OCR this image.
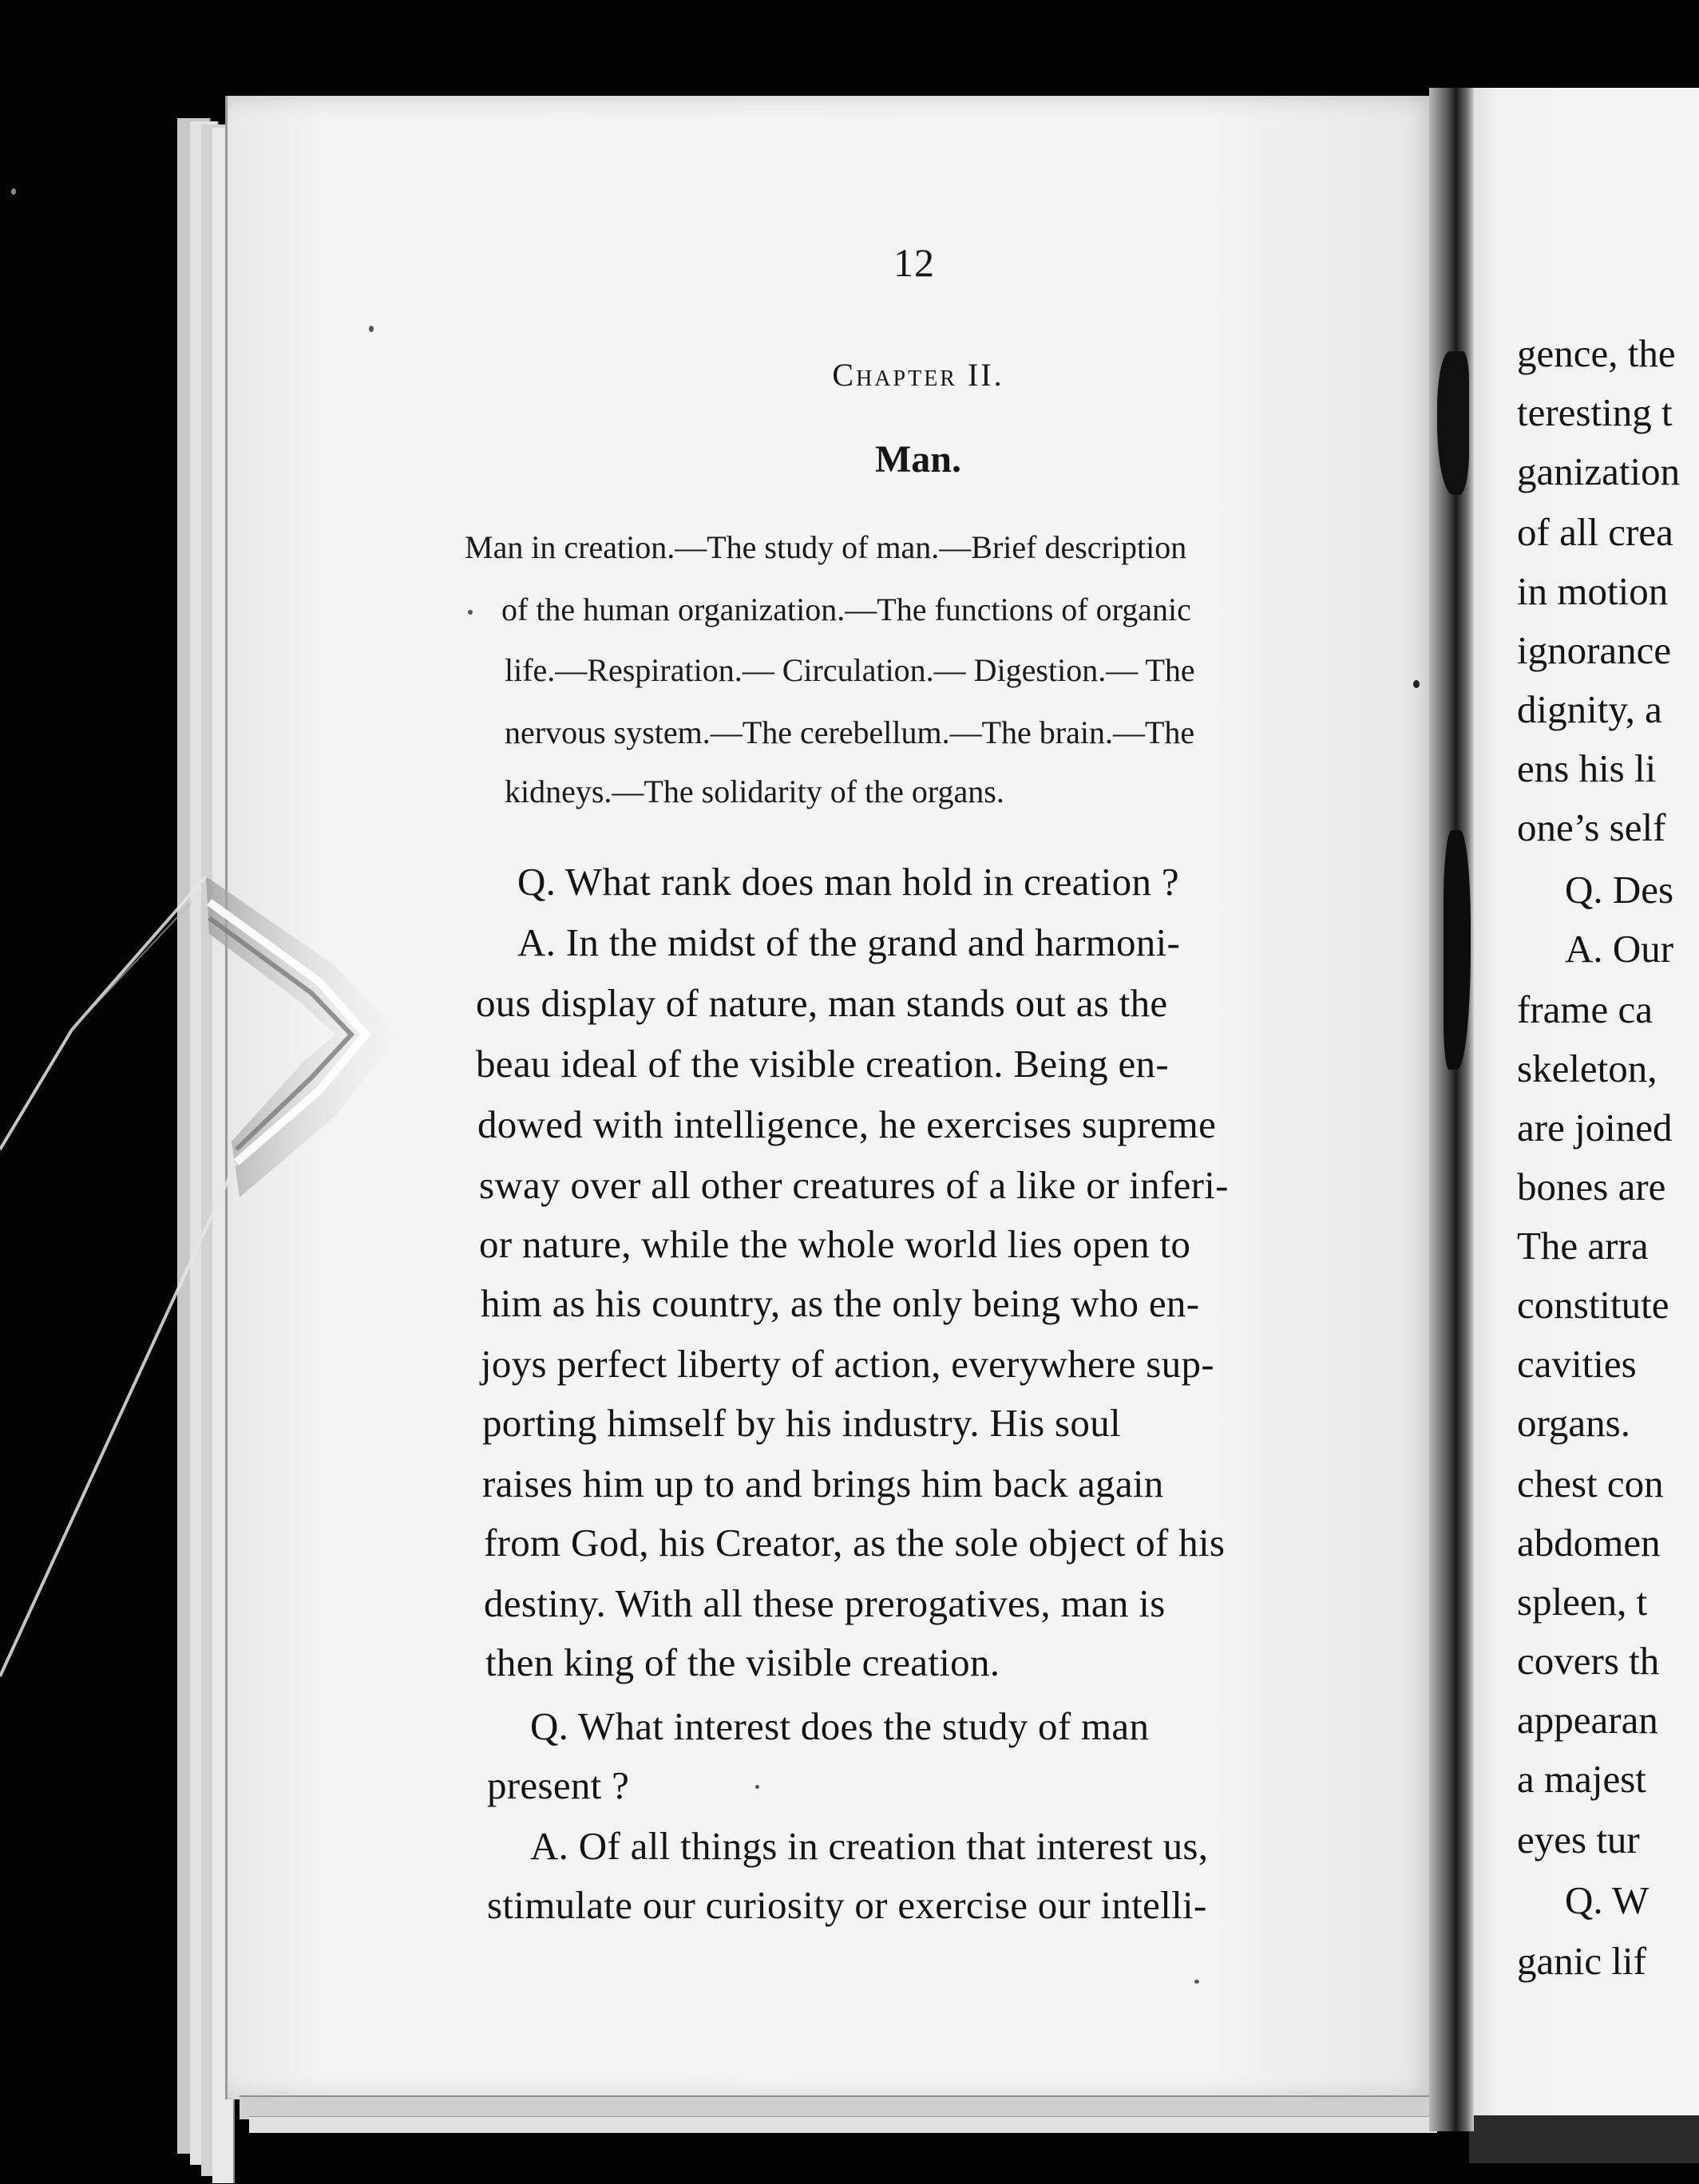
12
Chapter II.
Man.
Man in creation.—The study of man.—Brief description
of the human organization.—The functions of organic
life.—Respiration.— Circulation.— Digestion.— The
nervous system.—The cerebellum.—The brain.—The
kidneys.—The solidarity of the organs.
Q. What rank does man hold in creation ?
A. In the midst of the grand and harmoni-
ous display of nature, man stands out as the
beau ideal of the visible creation. Being en-
dowed with intelligence, he exercises supreme
sway over all other creatures of a like or inferi-
or nature, while the whole world lies open to
him as his country, as the only being who en-
joys perfect liberty of action, everywhere sup-
porting himself by his industry. His soul
raises him up to and brings him back again
from God, his Creator, as the sole object of his
destiny. With all these prerogatives, man is
then king of the visible creation.
Q. What interest does the study of man
present ?
A. Of all things in creation that interest us,
stimulate our curiosity or exercise our intelli-
gence, the
teresting t
ganization
of all crea
in motion
ignorance
dignity, a
ens his li
one’s self
Q. Des
A. Our
frame ca
skeleton,
are joined
bones are
The arra
constitute
cavities
organs.
chest con
abdomen
spleen, t
covers th
appearan
a majest
eyes tur
Q. W
ganic lif
